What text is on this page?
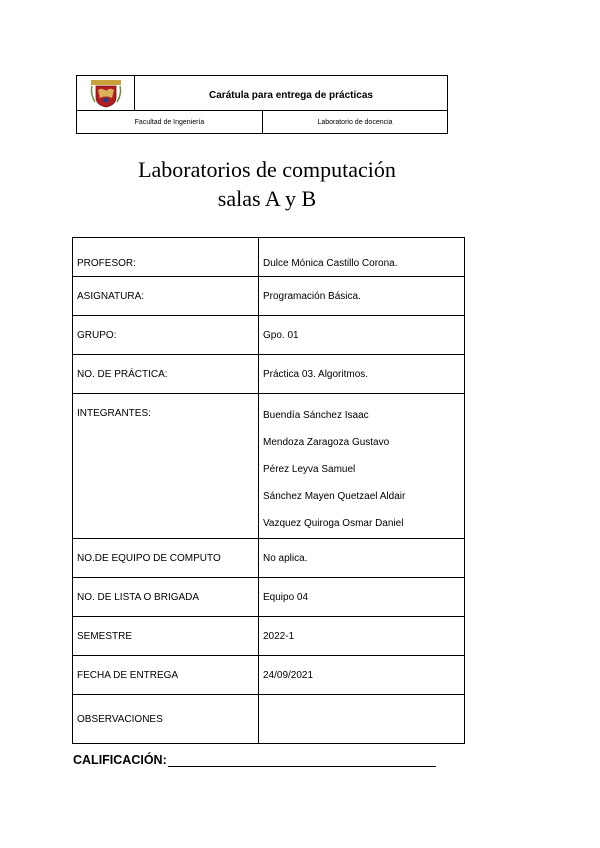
Carátula para entrega de prácticas
Facultad de Ingeniería	Laboratorio de docencia
Laboratorios de computación
salas A y B
PROFESOR:	Dulce Mónica Castillo Corona.
ASIGNATURA:	Programación Básica.
GRUPO:	Gpo. 01
NO. DE PRÁCTICA:	Práctica 03. Algoritmos.
INTEGRANTES:	Buendía Sánchez Isaac
Mendoza Zaragoza Gustavo
Pérez Leyva Samuel
Sánchez Mayen Quetzael Aldair
Vazquez Quiroga Osmar Daniel

NO.DE EQUIPO DE COMPUTO	No aplica.
NO. DE LISTA O BRIGADA	Equipo 04
SEMESTRE	2022-1
FECHA DE ENTREGA	24/09/2021
OBSERVACIONES	
CALIFICACIÓN:
